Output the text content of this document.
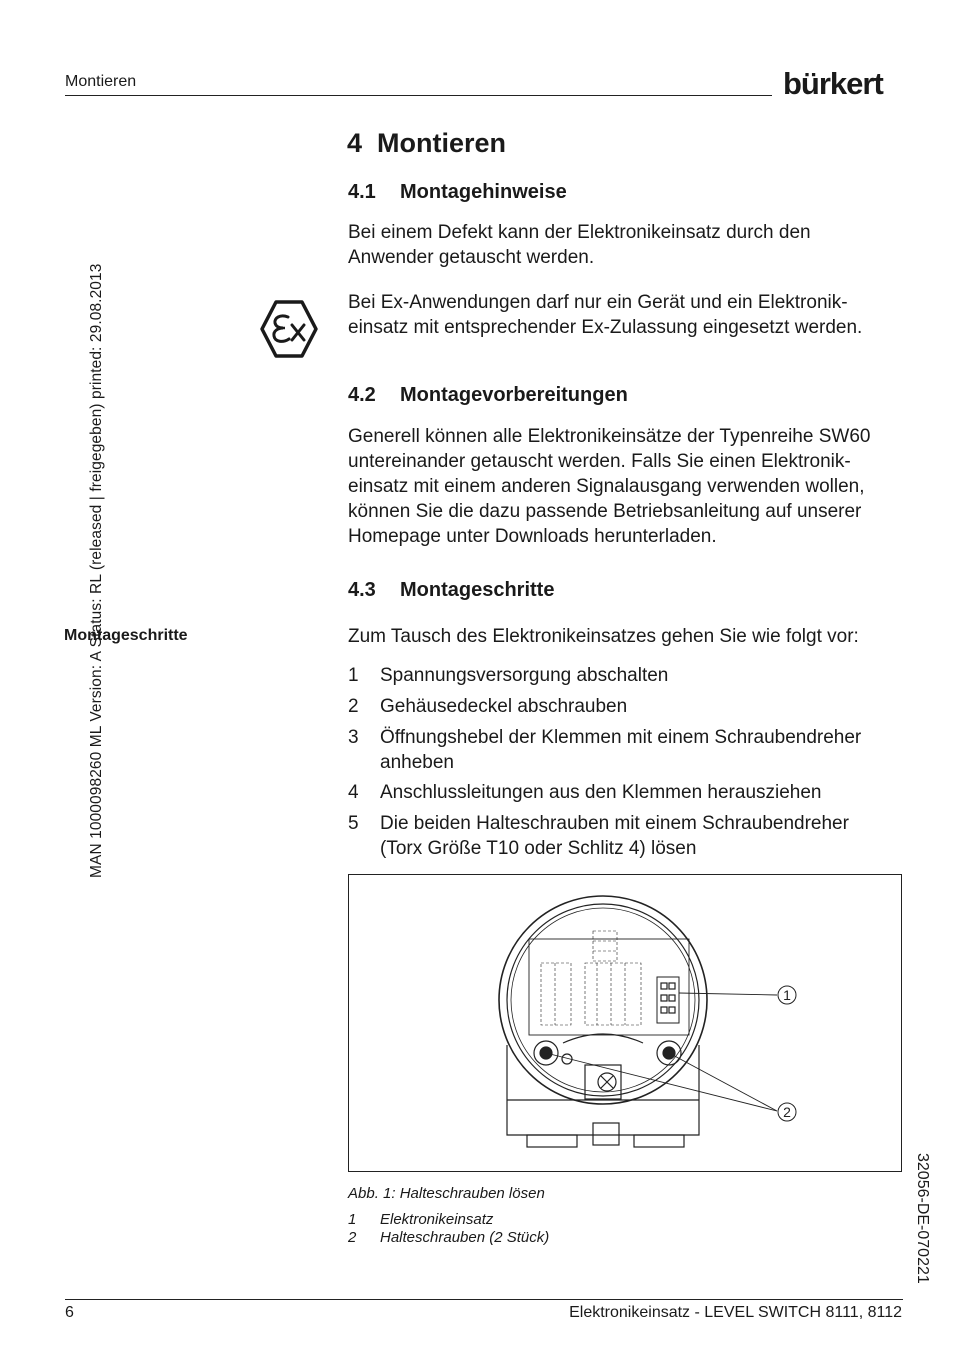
Montieren	bürkert
MAN 1000098260 ML Version: A Status: RL (released | freigegeben) printed: 29.08.2013
32056-DE-070221
Montageschritte
4 Montieren
4.1 Montagehinweise
Bei einem Defekt kann der Elektronikeinsatz durch den
Anwender getauscht werden.
Bei Ex-Anwendungen darf nur ein Gerät und ein Elektronik-
einsatz mit entsprechender Ex-Zulassung eingesetzt werden.
4.2 Montagevorbereitungen
Generell können alle Elektronikeinsätze der Typenreihe SW60
untereinander getauscht werden. Falls Sie einen Elektronik-
einsatz mit einem anderen Signalausgang verwenden wollen,
können Sie die dazu passende Betriebsanleitung auf unserer
Homepage unter Downloads herunterladen.
4.3 Montageschritte
Zum Tausch des Elektronikeinsatzes gehen Sie wie folgt vor:
1 Spannungsversorgung abschalten
2 Gehäusedeckel abschrauben
3 Öffnungshebel der Klemmen mit einem Schraubendreher
anheben
4 Anschlussleitungen aus den Klemmen herausziehen
5 Die beiden Halteschrauben mit einem Schraubendreher
(Torx Größe T10 oder Schlitz 4) lösen
1
2
Abb. 1: Halteschrauben lösen
1 Elektronikeinsatz
2 Halteschrauben (2 Stück)
6	Elektronikeinsatz - LEVEL SWITCH 8111, 8112
